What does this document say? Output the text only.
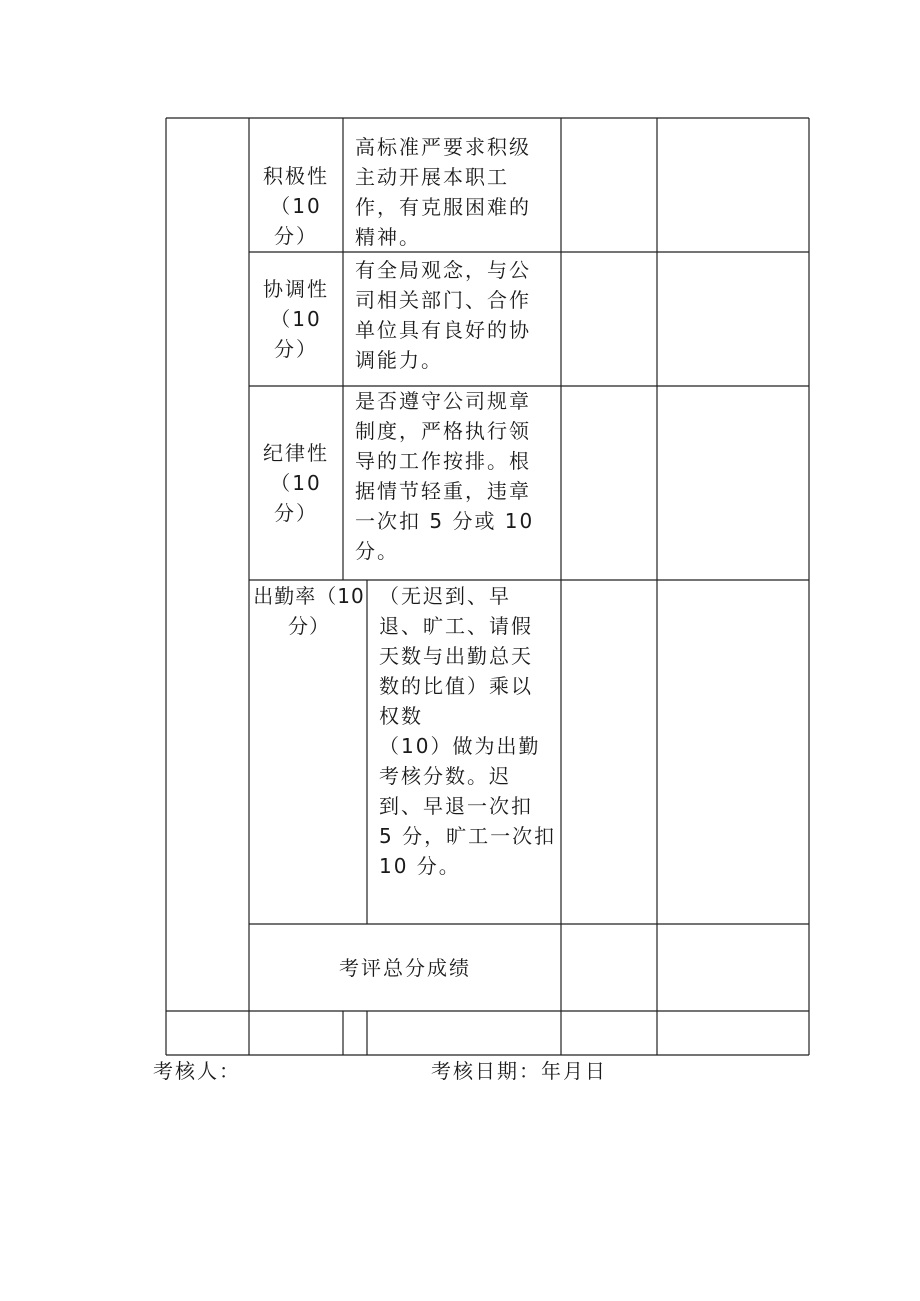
积极性
（10
分）

高标准严要求积级
主动开展本职工
作，有克服困难的
精神。

协调性
（10
分）

有全局观念，与公
司相关部门、合作
单位具有良好的协
调能力。

纪律性
（10
分）

是否遵守公司规章
制度，严格执行领
导的工作按排。根
据情节轻重，违章
一次扣 5 分或 10
分。

出勤率（10
分）

（无迟到、早
退、旷工、请假
天数与出勤总天
数的比值）乘以
权数
（10）做为出勤
考核分数。迟
到、早退一次扣
5 分，旷工一次扣
10 分。

考评总分成绩

考核人：	考核日期：年月日
